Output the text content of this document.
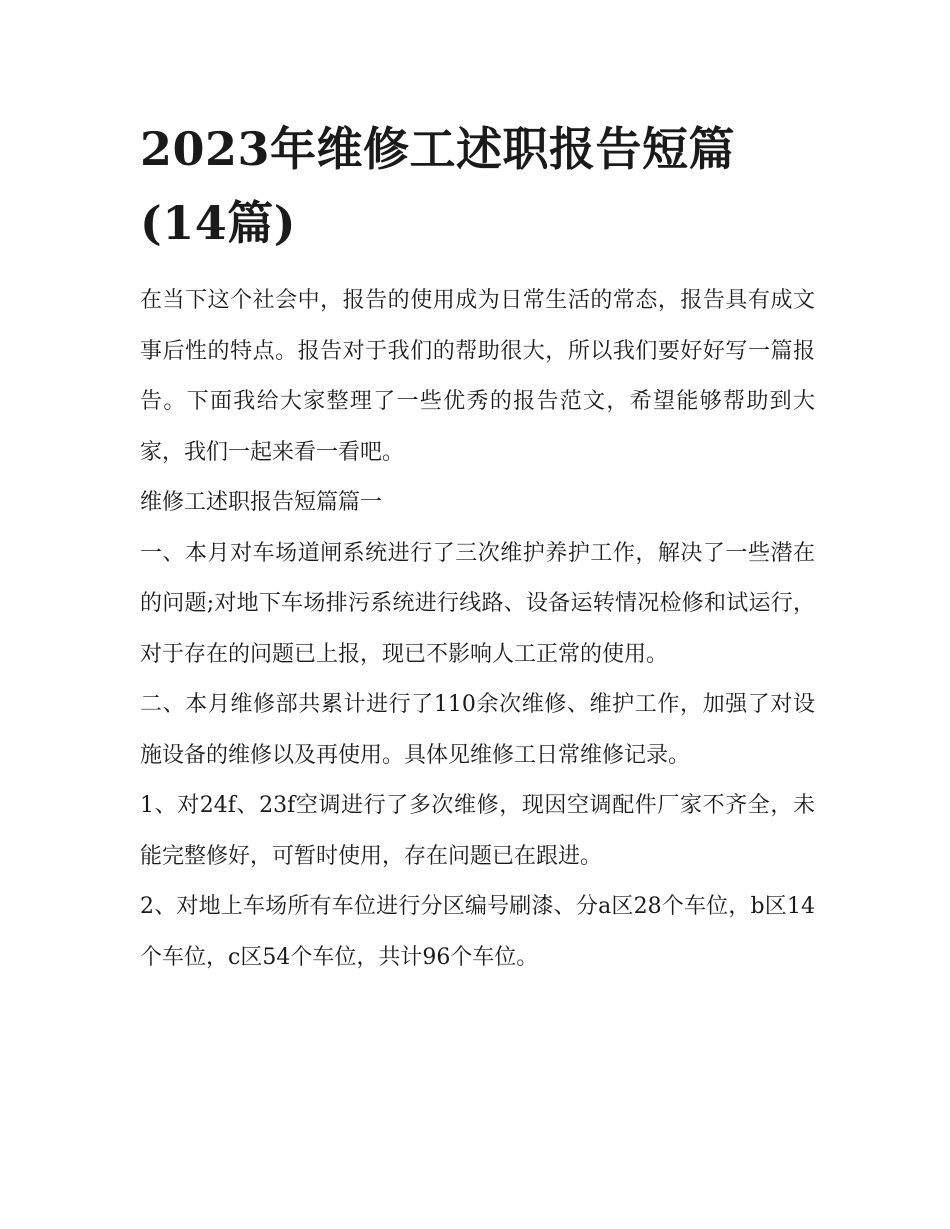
2023年维修工述职报告短篇(14篇)

在当下这个社会中，报告的使用成为日常生活的常态，报告具有成文事后性的特点。报告对于我们的帮助很大，所以我们要好好写一篇报告。下面我给大家整理了一些优秀的报告范文，希望能够帮助到大家，我们一起来看一看吧。

维修工述职报告短篇篇一

一、本月对车场道闸系统进行了三次维护养护工作，解决了一些潜在的问题;对地下车场排污系统进行线路、设备运转情况检修和试运行，对于存在的问题已上报，现已不影响人工正常的使用。

二、本月维修部共累计进行了110余次维修、维护工作，加强了对设施设备的维修以及再使用。具体见维修工日常维修记录。

1、对24f、23f空调进行了多次维修，现因空调配件厂家不齐全，未能完整修好，可暂时使用，存在问题已在跟进。

2、对地上车场所有车位进行分区编号刷漆、分a区28个车位，b区14个车位，c区54个车位，共计96个车位。
